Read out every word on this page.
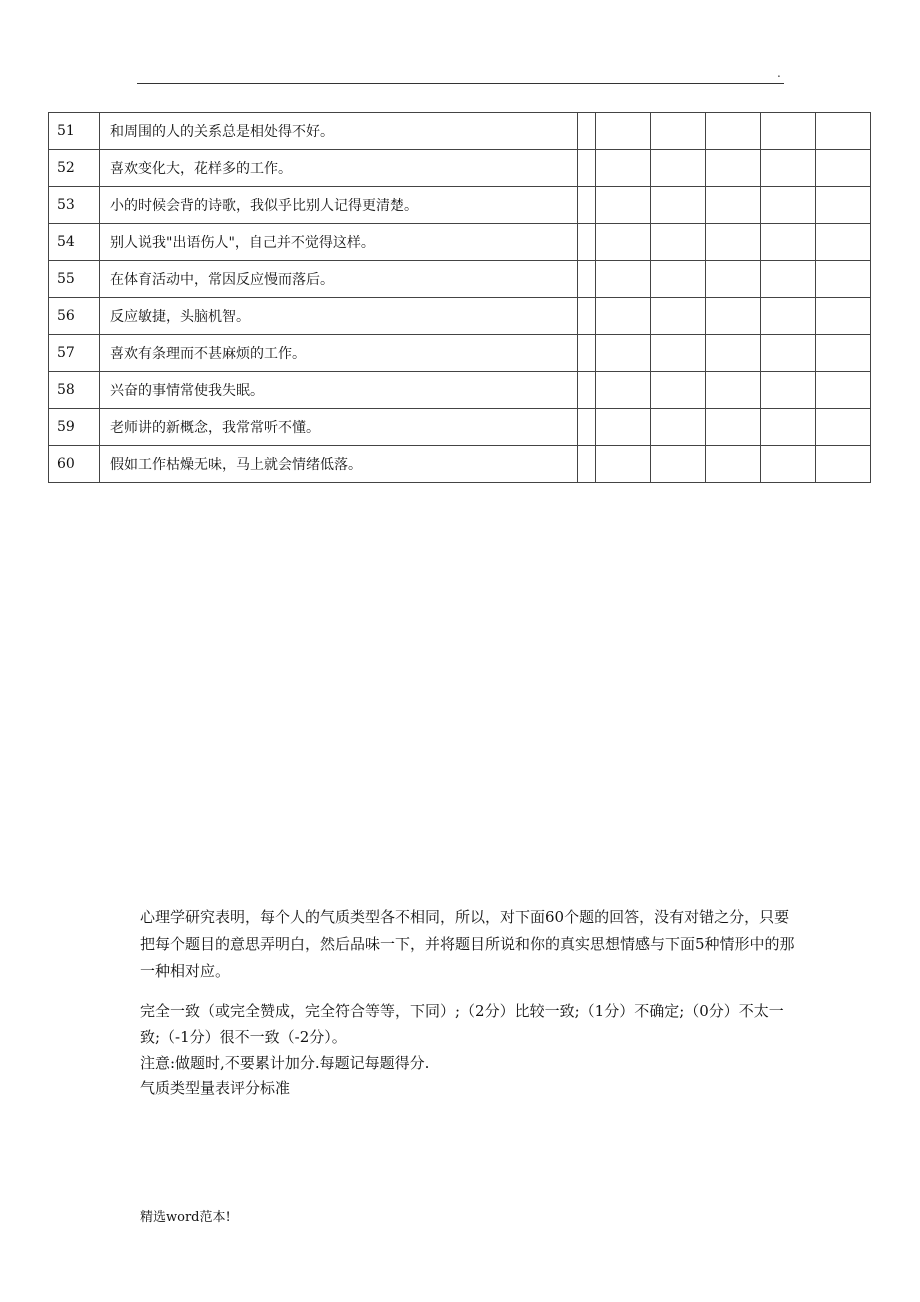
.
51	和周围的人的关系总是相处得不好。						
52	喜欢变化大，花样多的工作。						
53	小的时候会背的诗歌，我似乎比别人记得更清楚。						
54	别人说我"出语伤人"，自己并不觉得这样。						
55	在体育活动中，常因反应慢而落后。						
56	反应敏捷，头脑机智。						
57	喜欢有条理而不甚麻烦的工作。						
58	兴奋的事情常使我失眠。						
59	老师讲的新概念，我常常听不懂。						
60	假如工作枯燥无味，马上就会情绪低落。						
心理学研究表明，每个人的气质类型各不相同，所以，对下面60个题的回答，没有对错之分，只要把每个题目的意思弄明白，然后品味一下，并将题目所说和你的真实思想情感与下面5种情形中的那一种相对应。
完全一致（或完全赞成，完全符合等等，下同）;（2分）比较一致;（1分）不确定;（0分）不太一致;（-1分）很不一致（-2分）。
注意:做题时,不要累计加分.每题记每题得分.
气质类型量表评分标准
精选word范本!
